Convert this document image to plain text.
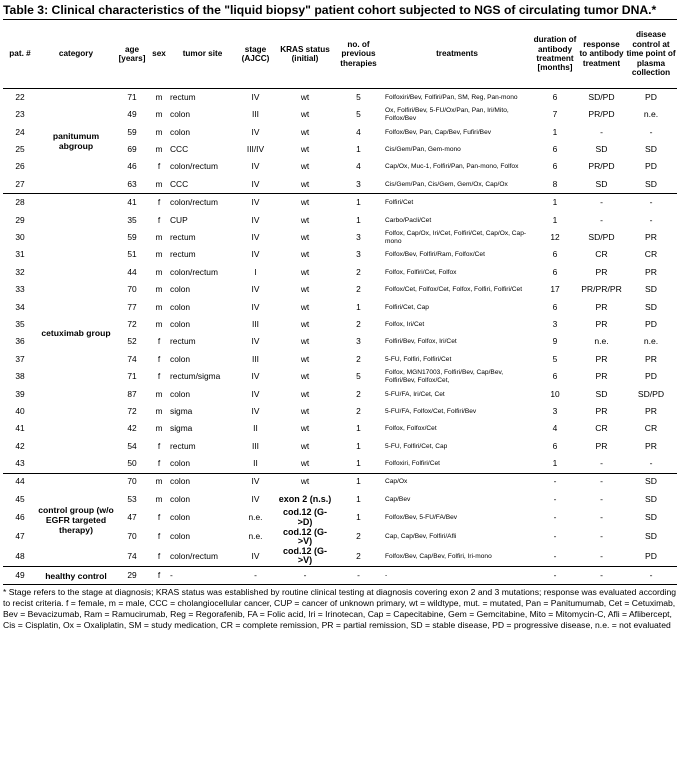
Table 3: Clinical characteristics of the "liquid biopsy" patient cohort subjected to NGS of circulating tumor DNA.*
pat. #	category	age [years]	sex	tumor site	stage (AJCC)	KRAS status (initial)	no. of previous therapies	treatments	duration of antibody treatment [months]	response to antibody treatment	disease control at time point of plasma collection
22	panitumum abgroup	71	m	rectum	IV	wt	5	Folfoxiri/Bev, Folfiri/Pan, SM, Reg, Pan-mono	6	SD/PD	PD
23		49	m	colon	III	wt	5	Ox, Folfiri/Bev, 5-FU/Ox/Pan, Pan, Iri/Mito, Folfox/Bev	7	PR/PD	n.e.
24		59	m	colon	IV	wt	4	Folfox/Bev, Pan, Cap/Bev, Fufiri/Bev	1	-	-
25		69	m	CCC	III/IV	wt	1	Cis/Gem/Pan, Gem-mono	6	SD	SD
26		46	f	colon/rectum	IV	wt	4	Cap/Ox, Muc-1, Folfiri/Pan, Pan-mono, Folfox	6	PR/PD	PD
27		63	m	CCC	IV	wt	3	Cis/Gem/Pan, Cis/Gem, Gem/Ox, Cap/Ox	8	SD	SD
28	cetuximab group	41	f	colon/rectum	IV	wt	1	Folfiri/Cet	1	-	-
29		35	f	CUP	IV	wt	1	Carbo/Pacli/Cet	1	-	-
30		59	m	rectum	IV	wt	3	Folfox, Cap/Ox, Iri/Cet, Folfiri/Cet, Cap/Ox, Cap-mono	12	SD/PD	PR
31		51	m	rectum	IV	wt	3	Folfox/Bev, Folfiri/Ram, Folfox/Cet	6	CR	CR
32		44	m	colon/rectum	I	wt	2	Folfox, Folfiri/Cet, Folfox	6	PR	PR
33		70	m	colon	IV	wt	2	Folfox/Cet, Folfox/Cet, Folfox, Folfiri, Folfiri/Cet	17	PR/PR/PR	SD
34		77	m	colon	IV	wt	1	Folfiri/Cet, Cap	6	PR	SD
35		72	m	colon	III	wt	2	Folfox, Iri/Cet	3	PR	PD
36		52	f	rectum	IV	wt	3	Folfiri/Bev, Folfox, Iri/Cet	9	n.e.	n.e.
37		74	f	colon	III	wt	2	5-FU, Folfiri, Folfiri/Cet	5	PR	PR
38		71	f	rectum/sigma	IV	wt	5	Folfox, MGN17003, Folfiri/Bev, Cap/Bev, Folfiri/Bev, Folfox/Cet,	6	PR	PD
39		87	m	colon	IV	wt	2	5-FU/FA, Iri/Cet, Cet	10	SD	SD/PD
40		72	m	sigma	IV	wt	2	5-FU/FA, Folfox/Cet, Folfiri/Bev	3	PR	PR
41		42	m	sigma	II	wt	1	Folfox, Folfox/Cet	4	CR	CR
42		54	f	rectum	III	wt	1	5-FU, Folfiri/Cet, Cap	6	PR	PR
43		50	f	colon	II	wt	1	Folfoxiri, Folfiri/Cet	1	-	-
44	control group (w/o EGFR targeted therapy)	70	m	colon	IV	wt	1	Cap/Ox	-	-	SD
45		53	m	colon	IV	exon 2 (n.s.)	1	Cap/Bev	-	-	SD
46		47	f	colon	n.e.	cod.12 (G->D)	1	Folfox/Bev, 5-FU/FA/Bev	-	-	SD
47		70	f	colon	n.e.	cod.12 (G->V)	2	Cap, Cap/Bev, Folfiri/Afli	-	-	SD
48		74	f	colon/rectum	IV	cod.12 (G->V)	2	Folfox/Bev, Cap/Bev, Folfiri, Iri-mono	-	-	PD
49	healthy control	29	f	-	-	-	-	-	-	-	-
* Stage refers to the stage at diagnosis; KRAS status was established by routine clinical testing at diagnosis covering exon 2 and 3 mutations; response was evaluated according to recist criteria. f = female, m = male, CCC = cholangiocellular cancer, CUP = cancer of unknown primary, wt = wildtype, mut. = mutated, Pan = Panitumumab, Cet = Cetuximab, Bev = Bevacizumab, Ram = Ramucirumab, Reg = Regorafenib, FA = Folic acid, Iri = Irinotecan, Cap = Capecitabine, Gem = Gemcitabine, Mito = Mitomycin-C, Afli = Aflibercept, Cis = Cisplatin, Ox = Oxaliplatin, SM = study medication, CR = complete remission, PR = partial remission, SD = stable disease, PD = progressive disease, n.e. = not evaluated
